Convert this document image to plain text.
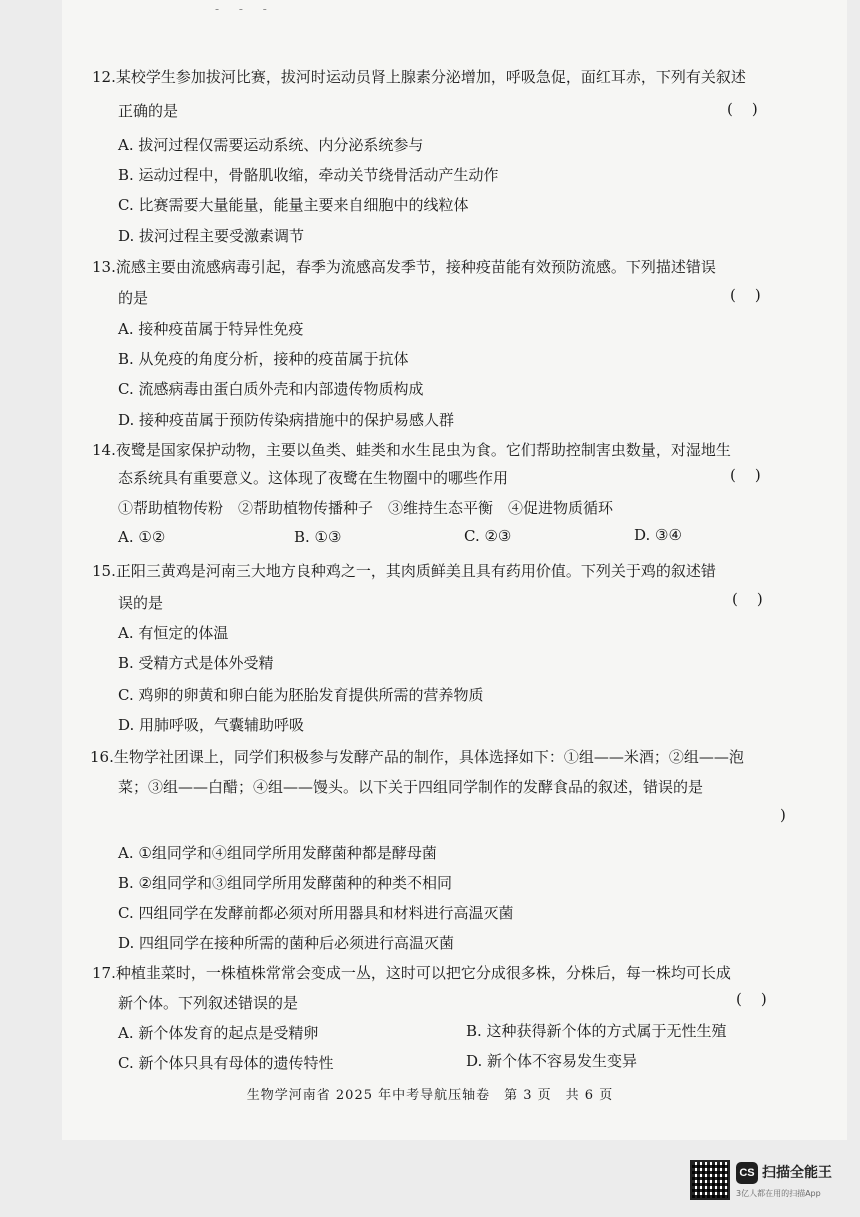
- - -
12.某校学生参加拔河比赛，拔河时运动员肾上腺素分泌增加，呼吸急促，面红耳赤，下列有关叙述
正确的是	(    )
A. 拔河过程仅需要运动系统、内分泌系统参与
B. 运动过程中，骨骼肌收缩，牵动关节绕骨活动产生动作
C. 比赛需要大量能量，能量主要来自细胞中的线粒体
D. 拔河过程主要受激素调节
13.流感主要由流感病毒引起，春季为流感高发季节，接种疫苗能有效预防流感。下列描述错误
的是	(    )
A. 接种疫苗属于特异性免疫
B. 从免疫的角度分析，接种的疫苗属于抗体
C. 流感病毒由蛋白质外壳和内部遗传物质构成
D. 接种疫苗属于预防传染病措施中的保护易感人群
14.夜鹭是国家保护动物，主要以鱼类、蛙类和水生昆虫为食。它们帮助控制害虫数量，对湿地生
态系统具有重要意义。这体现了夜鹭在生物圈中的哪些作用	(    )
①帮助植物传粉　②帮助植物传播种子　③维持生态平衡　④促进物质循环
A. ①②	B. ①③	C. ②③	D. ③④
15.正阳三黄鸡是河南三大地方良种鸡之一，其肉质鲜美且具有药用价值。下列关于鸡的叙述错
误的是	(    )
A. 有恒定的体温
B. 受精方式是体外受精
C. 鸡卵的卵黄和卵白能为胚胎发育提供所需的营养物质
D. 用肺呼吸，气囊辅助呼吸
16.生物学社团课上，同学们积极参与发酵产品的制作，具体选择如下：①组——米酒；②组——泡
菜；③组——白醋；④组——馒头。以下关于四组同学制作的发酵食品的叙述，错误的是
)
A. ①组同学和④组同学所用发酵菌种都是酵母菌
B. ②组同学和③组同学所用发酵菌种的种类不相同
C. 四组同学在发酵前都必须对所用器具和材料进行高温灭菌
D. 四组同学在接种所需的菌种后必须进行高温灭菌
17.种植韭菜时，一株植株常常会变成一丛，这时可以把它分成很多株，分株后，每一株均可长成
新个体。下列叙述错误的是	(    )
A. 新个体发育的起点是受精卵	B. 这种获得新个体的方式属于无性生殖
C. 新个体只具有母体的遗传特性	D. 新个体不容易发生变异
生物学河南省 2025 年中考导航压轴卷　第 3 页　共 6 页
CS 扫描全能王
3亿人都在用的扫描App
